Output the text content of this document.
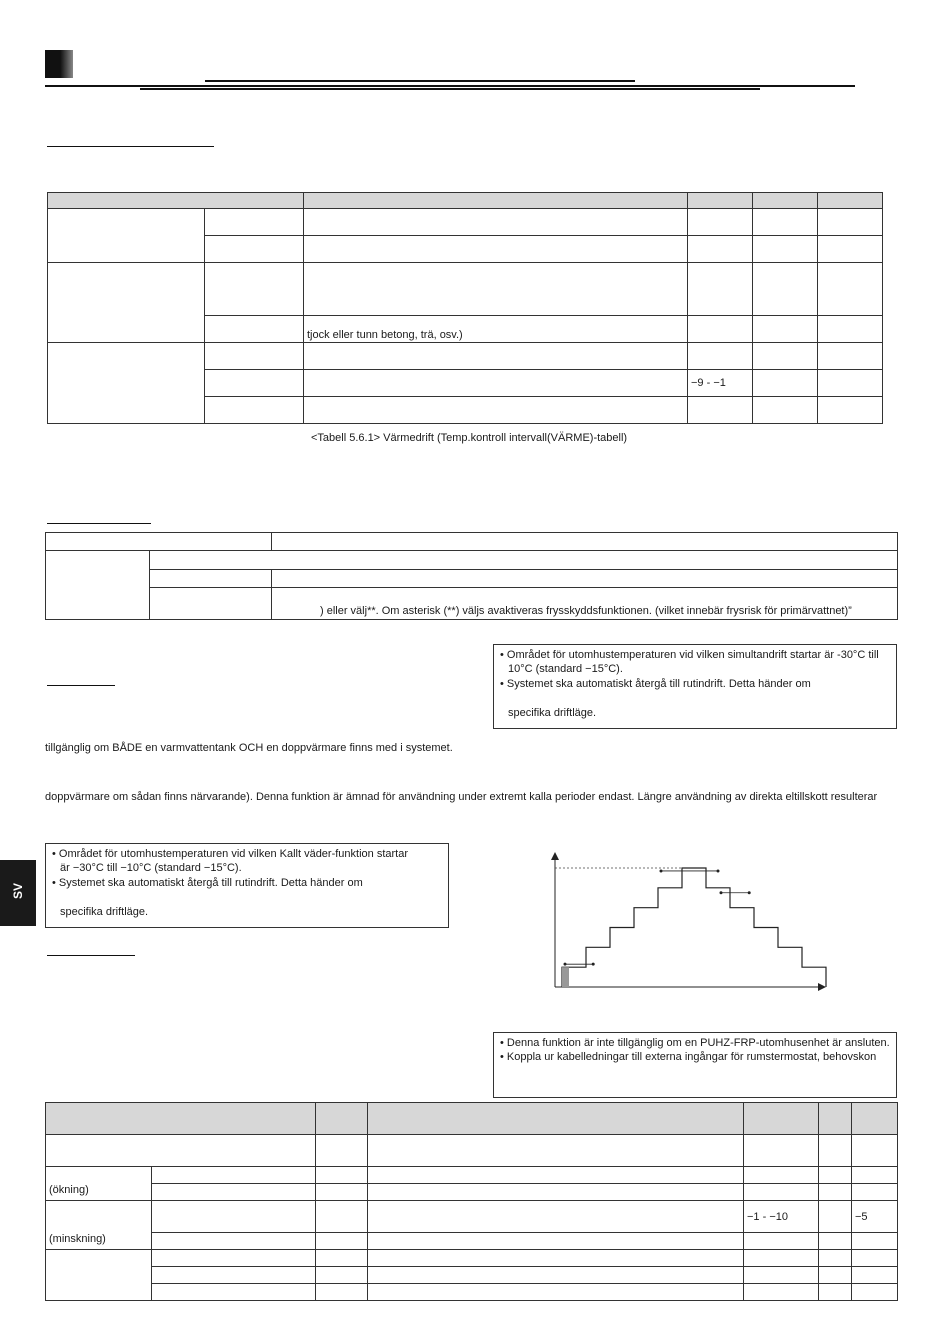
		tjock eller tunn betong, trä, osv.)			

			−9 - −1		

<Tabell 5.6.1> Värmedrift (Temp.kontroll intervall(VÄRME)-tabell)

		) eller välj**. Om asterisk (**) väljs avaktiveras frysskyddsfunktionen. (vilket innebär frysrisk för primärvattnet)”
• Området för utomhustemperaturen vid vilken simultandrift startar är -30°C till
10°C (standard −15°C).
• Systemet ska automatiskt återgå till rutindrift. Detta händer om
specifika driftläge.
tillgänglig om BÅDE en varmvattentank OCH en doppvärmare finns med i systemet.
doppvärmare om sådan finns närvarande). Denna funktion är ämnad för användning under extremt kalla perioder endast. Längre användning av direkta eltillskott resulterar
• Området för utomhustemperaturen vid vilken Kallt väder-funktion startar
är −30°C till −10°C (standard −15°C).
• Systemet ska automatiskt återgå till rutindrift. Detta händer om
specifika driftläge.
SV
• Denna funktion är inte tillgänglig om en PUHZ-FRP-utomhusenhet är ansluten.
• Koppla ur kabelledningar till externa ingångar för rumstermostat, behovskon

(ökning)						

(minskning)				−1 - −10		−5
